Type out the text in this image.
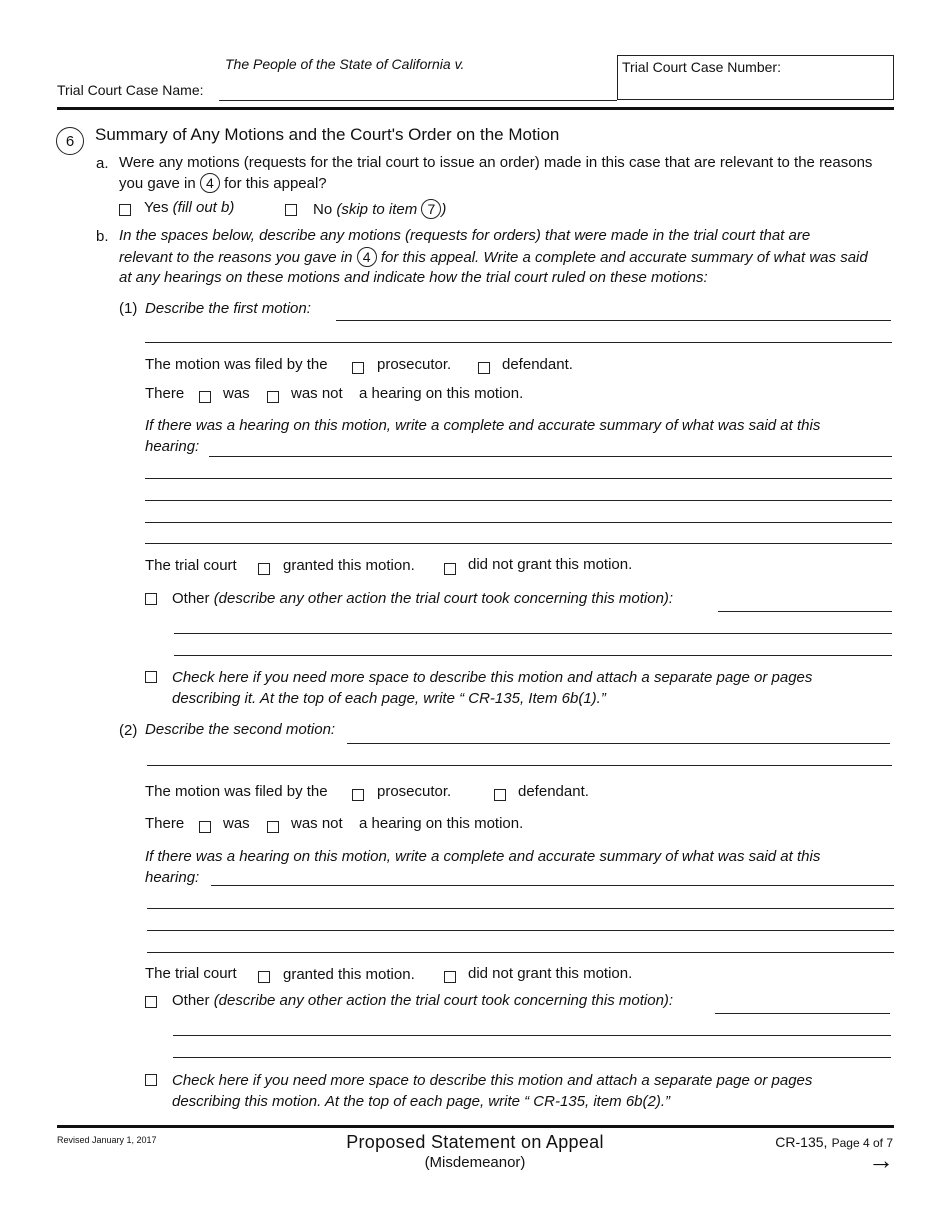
The People of the State of California v.
Trial Court Case Name:
Trial Court Case Number:
6	Summary of Any Motions and the Court's Order on the Motion
a. Were any motions (requests for the trial court to issue an order) made in this case that are relevant to the reasons
you gave in 4 for this appeal?
Yes (fill out b)	No (skip to item 7 )
b. In the spaces below, describe any motions (requests for orders) that were made in the trial court that are
relevant to the reasons you gave in 4 for this appeal. Write a complete and accurate summary of what was said
at any hearings on these motions and indicate how the trial court ruled on these motions:
(1) Describe the first motion:
The motion was filed by the	prosecutor.	defendant.
There	was	was not a hearing on this motion.
If there was a hearing on this motion, write a complete and accurate summary of what was said at this
hearing:
The trial court	granted this motion.	did not grant this motion.
Other (describe any other action the trial court took concerning this motion):
Check here if you need more space to describe this motion and attach a separate page or pages
describing it. At the top of each page, write “ CR-135, Item 6b(1).”
(2) Describe the second motion:
The motion was filed by the	prosecutor.	defendant.
There	was	was not a hearing on this motion.
If there was a hearing on this motion, write a complete and accurate summary of what was said at this
hearing:
The trial court	granted this motion.	did not grant this motion.
Other (describe any other action the trial court took concerning this motion):
Check here if you need more space to describe this motion and attach a separate page or pages
describing this motion. At the top of each page, write “ CR-135, item 6b(2).”
Revised January 1, 2017	Proposed Statement on Appeal
(Misdemeanor)
CR-135, Page 4 of 7
→
